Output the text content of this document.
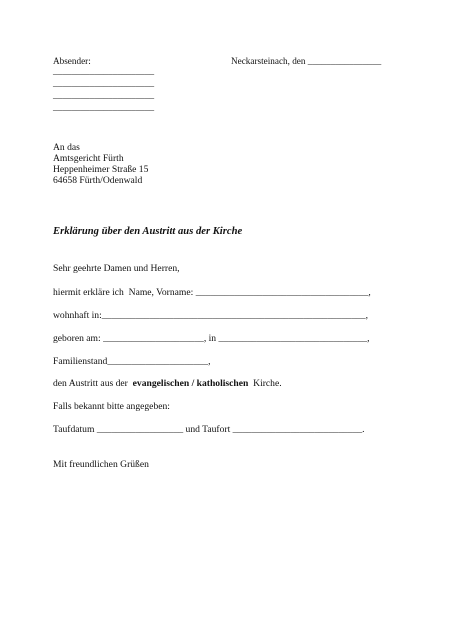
Absender:	Neckarsteinach, den ________________
______________________
______________________
______________________
______________________
An das
Amtsgericht Fürth
Heppenheimer Straße 15
64658 Fürth/Odenwald
Erklärung über den Austritt aus der Kirche
Sehr geehrte Damen und Herren,
hiermit erkläre ich  Name, Vorname: ____________________________________,
wohnhaft in:_______________________________________________________,
geboren am: _____________________, in _______________________________,
Familienstand_____________________,
den Austritt aus der  evangelischen / katholischen  Kirche.
Falls bekannt bitte angegeben:
Taufdatum __________________ und Taufort ___________________________.
Mit freundlichen Grüßen
